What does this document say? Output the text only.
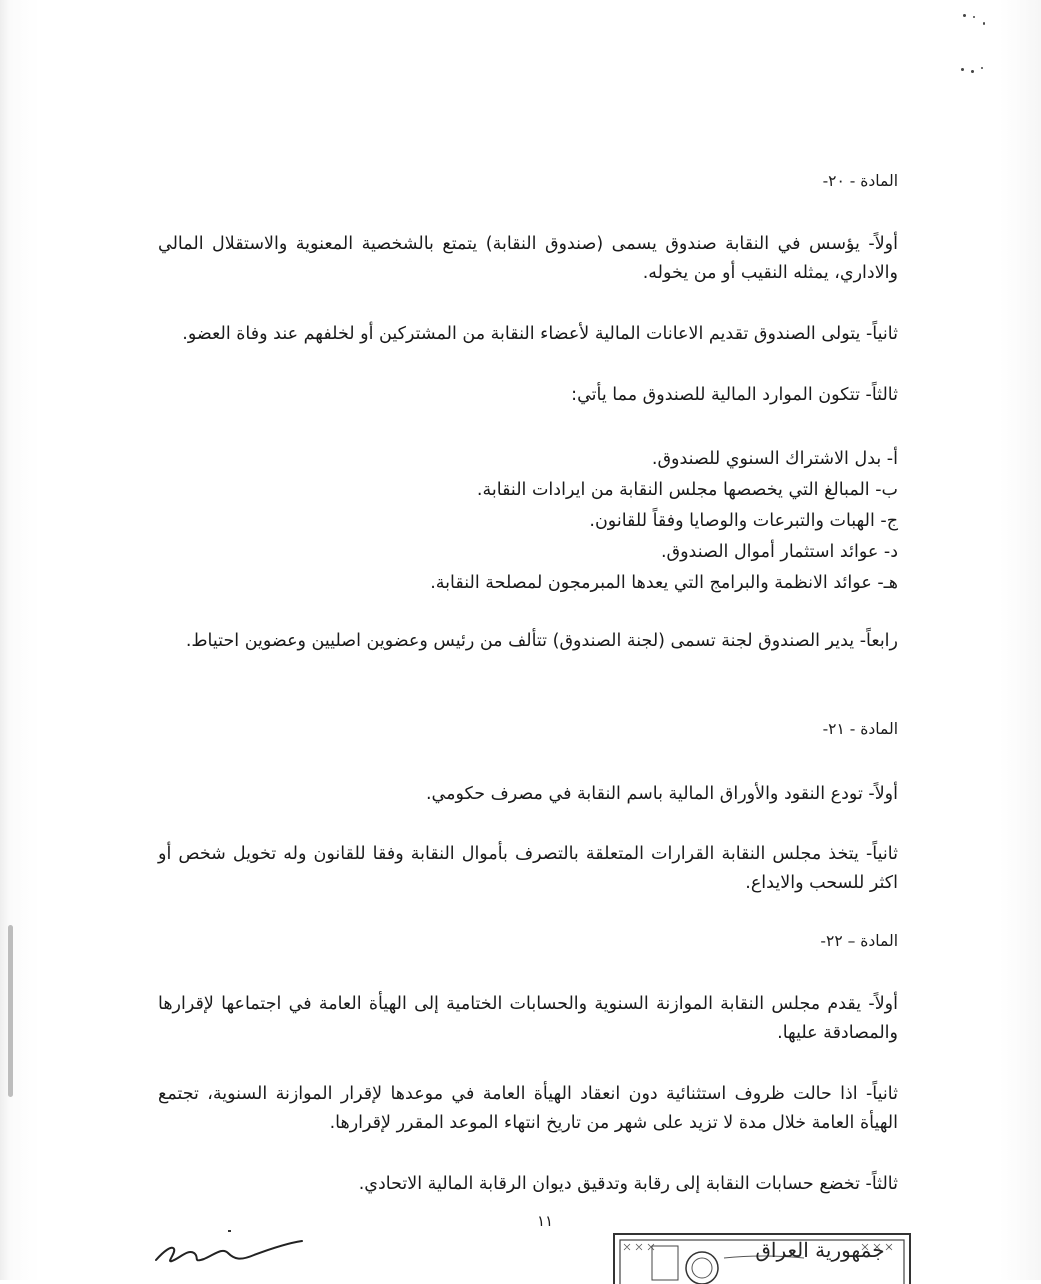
المادة - ٢٠-
أولاً- يؤسس في النقابة صندوق يسمى (صندوق النقابة) يتمتع بالشخصية المعنوية والاستقلال المالي والاداري، يمثله النقيب أو من يخوله.
ثانياً- يتولى الصندوق تقديم الاعانات المالية لأعضاء النقابة من المشتركين أو لخلفهم عند وفاة العضو.
ثالثاً- تتكون الموارد المالية للصندوق مما يأتي:
أ- بدل الاشتراك السنوي للصندوق.
ب- المبالغ التي يخصصها مجلس النقابة من ايرادات النقابة.
ج- الهبات والتبرعات والوصايا وفقاً للقانون.
د- عوائد استثمار أموال الصندوق.
هـ- عوائد الانظمة والبرامج التي يعدها المبرمجون لمصلحة النقابة.
رابعاً- يدير الصندوق لجنة تسمى (لجنة الصندوق) تتألف من رئيس وعضوين اصليين وعضوين احتياط.
المادة - ٢١-
أولاً- تودع النقود والأوراق المالية باسم النقابة في مصرف حكومي.
ثانياً- يتخذ مجلس النقابة القرارات المتعلقة بالتصرف بأموال النقابة وفقا للقانون وله تخويل شخص أو اكثر للسحب والايداع.
المادة – ٢٢-
أولاً- يقدم مجلس النقابة الموازنة السنوية والحسابات الختامية إلى الهيأة العامة في اجتماعها لإقرارها والمصادقة عليها.
ثانياً- اذا حالت ظروف استثنائية دون انعقاد الهيأة العامة في موعدها لإقرار الموازنة السنوية، تجتمع الهيأة العامة خلال مدة لا تزيد على شهر من تاريخ انتهاء الموعد المقرر لإقرارها.
ثالثاً- تخضع حسابات النقابة إلى رقابة وتدقيق ديوان الرقابة المالية الاتحادي.
١١
جمهورية العراق
